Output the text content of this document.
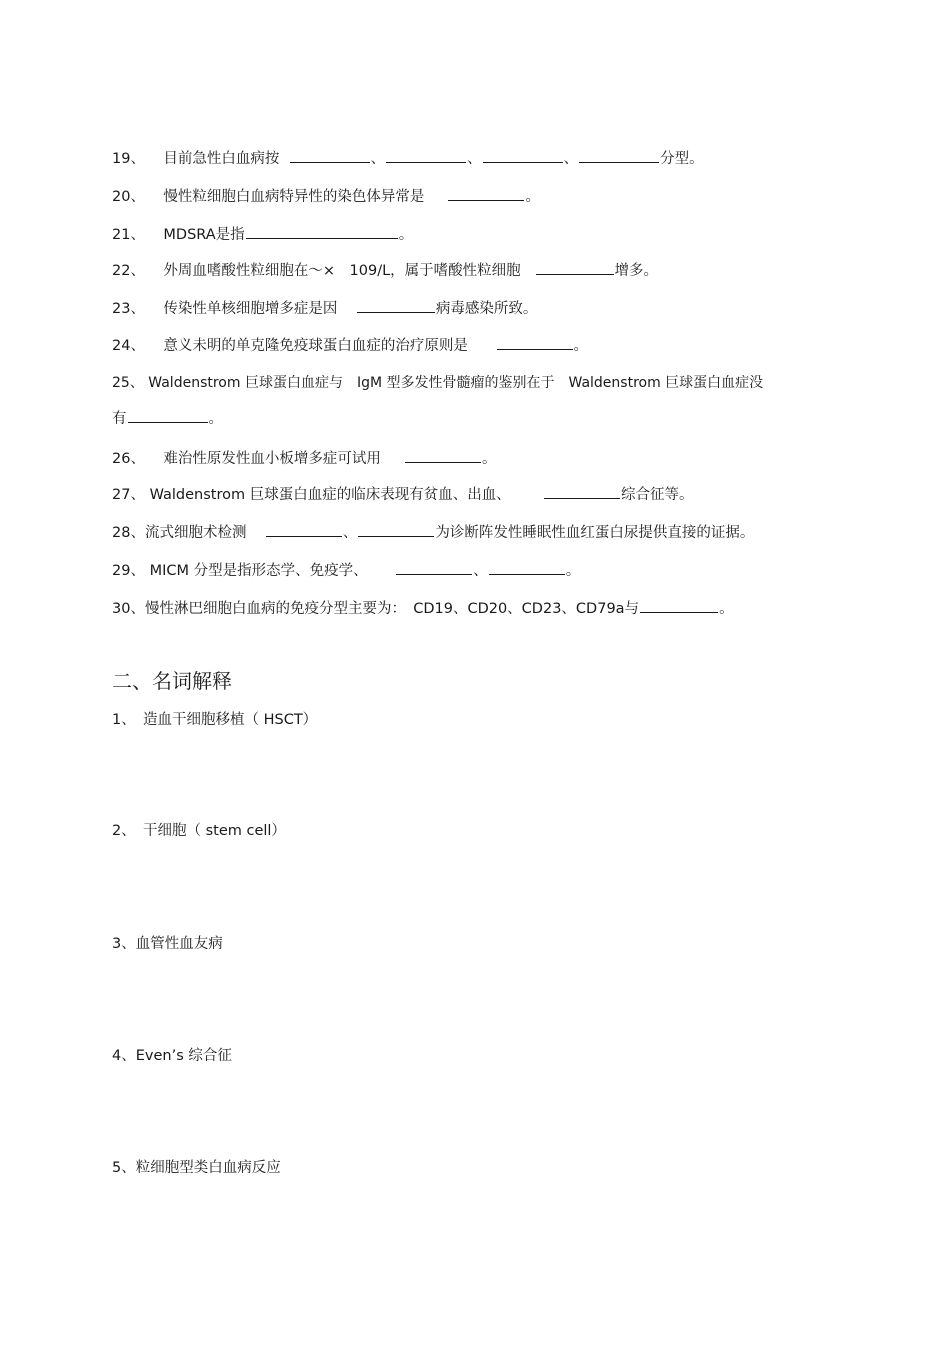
19、 目前急性白血病按	、	、	、	分型。
20、 慢性粒细胞白血病特异性的染色体异常是	。
21、 MDSRA是指	。
22、 外周血嗜酸性粒细胞在～×　109/L，属于嗜酸性粒细胞	增多。
23、 传染性单核细胞增多症是因	病毒感染所致。
24、 意义未明的单克隆免疫球蛋白血症的治疗原则是	。
25、 Waldenstrom 巨球蛋白血症与　IgM 型多发性骨髓瘤的鉴别在于　Waldenstrom 巨球蛋白血症没
有	。
26、 难治性原发性血小板增多症可试用	。
27、 Waldenstrom 巨球蛋白血症的临床表现有贫血、出血、	综合征等。
28、流式细胞术检测	、	为诊断阵发性睡眠性血红蛋白尿提供直接的证据。
29、 MICM 分型是指形态学、免疫学、	、	。
30、慢性淋巴细胞白血病的免疫分型主要为：　CD19、CD20、CD23、CD79a与	。
二、名词解释
1、　造血干细胞移植（ HSCT）
2、　干细胞（ stem cell）
3、血管性血友病
4、Even’s 综合征
5、粒细胞型类白血病反应
